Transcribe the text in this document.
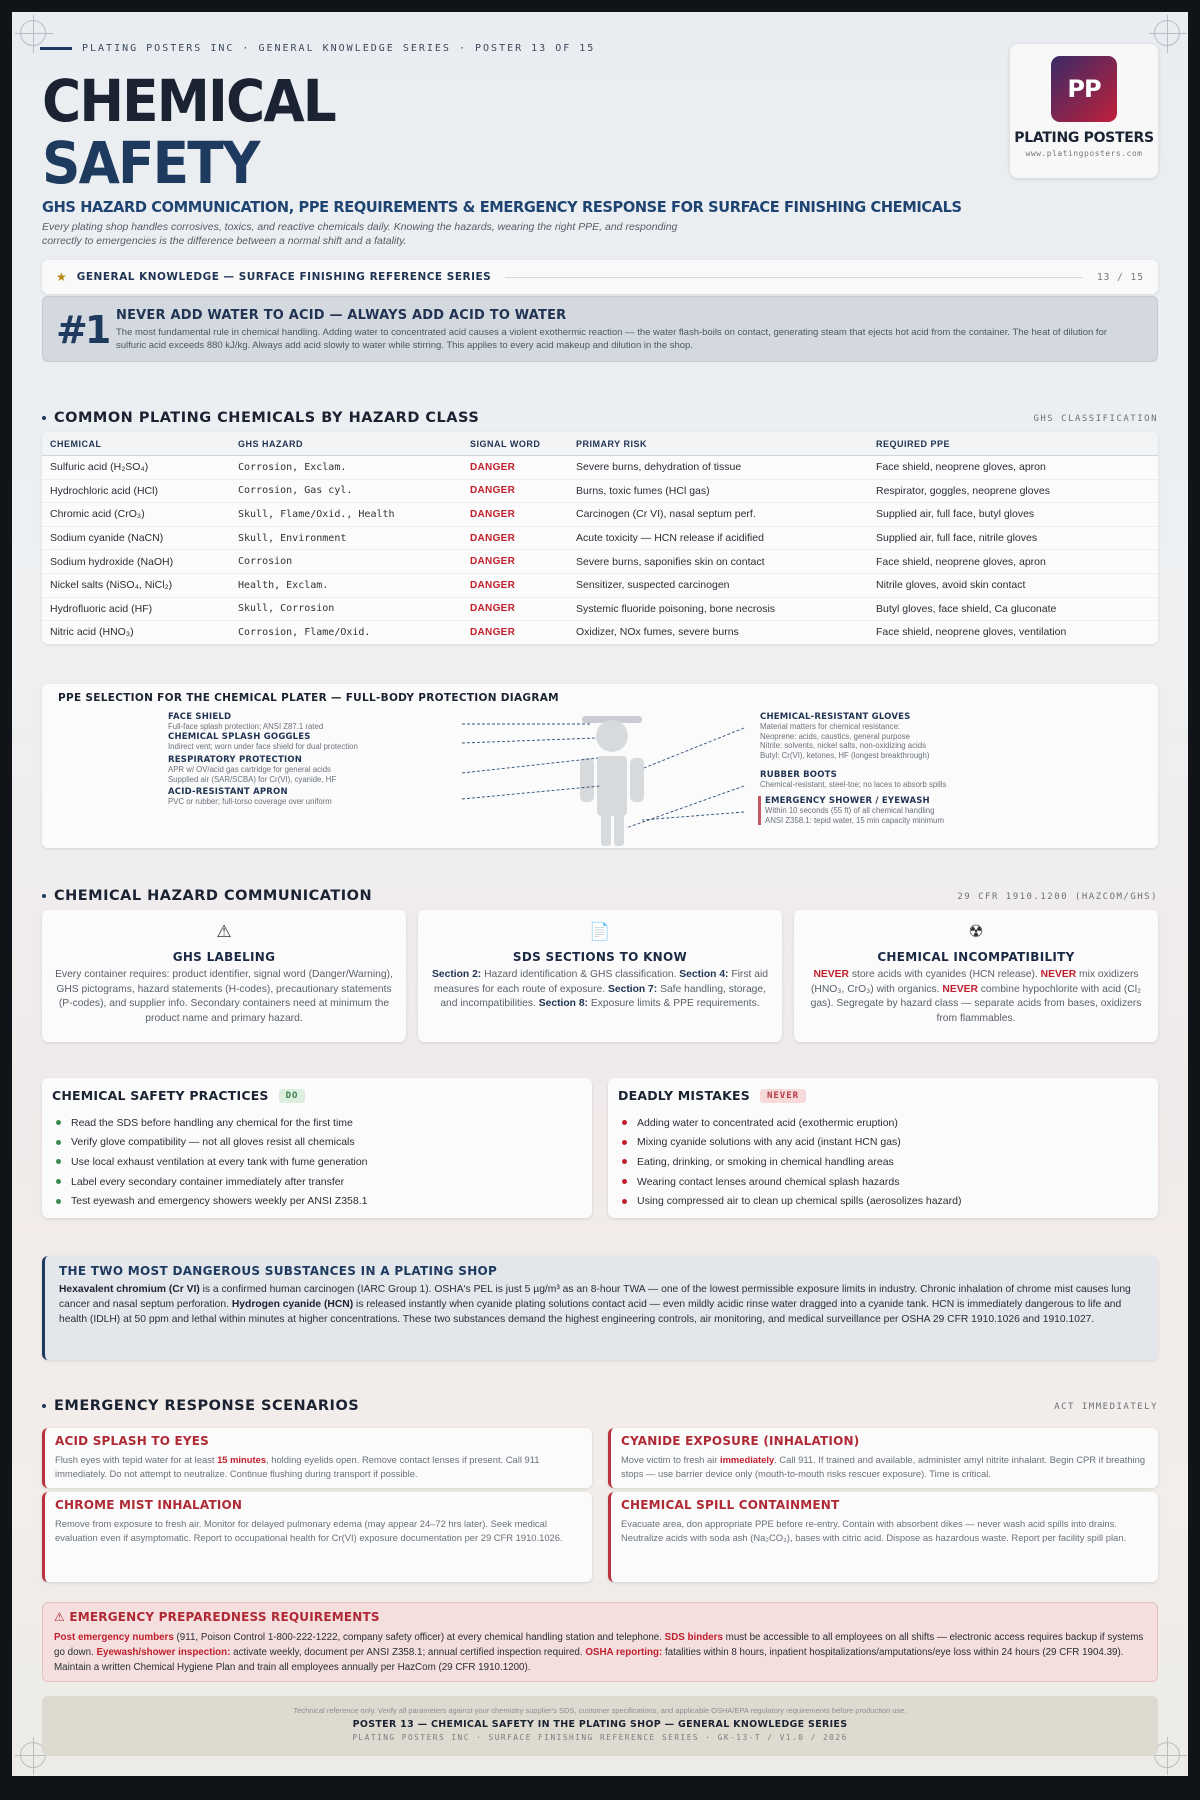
PLATING POSTERS INC · GENERAL KNOWLEDGE SERIES · POSTER 13 OF 15
CHEMICAL
SAFETY
GHS HAZARD COMMUNICATION, PPE REQUIREMENTS & EMERGENCY RESPONSE FOR SURFACE FINISHING CHEMICALS
Every plating shop handles corrosives, toxics, and reactive chemicals daily. Knowing the hazards, wearing the right PPE, and responding correctly to emergencies is the difference between a normal shift and a fatality.
PP
PLATING POSTERS
www.platingposters.com
★ GENERAL KNOWLEDGE — SURFACE FINISHING REFERENCE SERIES	13 / 15
#1 NEVER ADD WATER TO ACID — ALWAYS ADD ACID TO WATER
The most fundamental rule in chemical handling. Adding water to concentrated acid causes a violent exothermic reaction — the water flash-boils on contact, generating steam that ejects hot acid from the container. The heat of dilution for sulfuric acid exceeds 880 kJ/kg. Always add acid slowly to water while stirring. This applies to every acid makeup and dilution in the shop.
COMMON PLATING CHEMICALS BY HAZARD CLASS	GHS CLASSIFICATION
CHEMICAL	GHS HAZARD	SIGNAL WORD	PRIMARY RISK	REQUIRED PPE
Sulfuric acid (H₂SO₄)	Corrosion, Exclam.	DANGER	Severe burns, dehydration of tissue	Face shield, neoprene gloves, apron
Hydrochloric acid (HCl)	Corrosion, Gas cyl.	DANGER	Burns, toxic fumes (HCl gas)	Respirator, goggles, neoprene gloves
Chromic acid (CrO₃)	Skull, Flame/Oxid., Health	DANGER	Carcinogen (Cr VI), nasal septum perf.	Supplied air, full face, butyl gloves
Sodium cyanide (NaCN)	Skull, Environment	DANGER	Acute toxicity — HCN release if acidified	Supplied air, full face, nitrile gloves
Sodium hydroxide (NaOH)	Corrosion	DANGER	Severe burns, saponifies skin on contact	Face shield, neoprene gloves, apron
Nickel salts (NiSO₄, NiCl₂)	Health, Exclam.	DANGER	Sensitizer, suspected carcinogen	Nitrile gloves, avoid skin contact
Hydrofluoric acid (HF)	Skull, Corrosion	DANGER	Systemic fluoride poisoning, bone necrosis	Butyl gloves, face shield, Ca gluconate
Nitric acid (HNO₃)	Corrosion, Flame/Oxid.	DANGER	Oxidizer, NOx fumes, severe burns	Face shield, neoprene gloves, ventilation
PPE SELECTION FOR THE CHEMICAL PLATER — FULL-BODY PROTECTION DIAGRAM
FACE SHIELD
Full-face splash protection; ANSI Z87.1 rated
CHEMICAL SPLASH GOGGLES
Indirect vent; worn under face shield for dual protection
RESPIRATORY PROTECTION
APR w/ OV/acid gas cartridge for general acids
Supplied air (SAR/SCBA) for Cr(VI), cyanide, HF
ACID-RESISTANT APRON
PVC or rubber; full-torso coverage over uniform
CHEMICAL-RESISTANT GLOVES
Material matters for chemical resistance:
Neoprene: acids, caustics, general purpose
Nitrile: solvents, nickel salts, non-oxidizing acids
Butyl: Cr(VI), ketones, HF (longest breakthrough)
RUBBER BOOTS
Chemical-resistant, steel-toe; no laces to absorb spills
EMERGENCY SHOWER / EYEWASH
Within 10 seconds (55 ft) of all chemical handling
ANSI Z358.1: tepid water, 15 min capacity minimum
CHEMICAL HAZARD COMMUNICATION	29 CFR 1910.1200 (HAZCOM/GHS)
⚠
GHS LABELING
Every container requires: product identifier, signal word (Danger/Warning), GHS pictograms, hazard statements (H-codes), precautionary statements (P-codes), and supplier info. Secondary containers need at minimum the product name and primary hazard.
📄
SDS SECTIONS TO KNOW
Section 2: Hazard identification & GHS classification. Section 4: First aid measures for each route of exposure. Section 7: Safe handling, storage, and incompatibilities. Section 8: Exposure limits & PPE requirements.
☢
CHEMICAL INCOMPATIBILITY
NEVER store acids with cyanides (HCN release). NEVER mix oxidizers (HNO₃, CrO₃) with organics. NEVER combine hypochlorite with acid (Cl₂ gas). Segregate by hazard class — separate acids from bases, oxidizers from flammables.
CHEMICAL SAFETY PRACTICES	DO
Read the SDS before handling any chemical for the first time
Verify glove compatibility — not all gloves resist all chemicals
Use local exhaust ventilation at every tank with fume generation
Label every secondary container immediately after transfer
Test eyewash and emergency showers weekly per ANSI Z358.1
DEADLY MISTAKES	NEVER
Adding water to concentrated acid (exothermic eruption)
Mixing cyanide solutions with any acid (instant HCN gas)
Eating, drinking, or smoking in chemical handling areas
Wearing contact lenses around chemical splash hazards
Using compressed air to clean up chemical spills (aerosolizes hazard)
THE TWO MOST DANGEROUS SUBSTANCES IN A PLATING SHOP
Hexavalent chromium (Cr VI) is a confirmed human carcinogen (IARC Group 1). OSHA's PEL is just 5 µg/m³ as an 8-hour TWA — one of the lowest permissible exposure limits in industry. Chronic inhalation of chrome mist causes lung cancer and nasal septum perforation. Hydrogen cyanide (HCN) is released instantly when cyanide plating solutions contact acid — even mildly acidic rinse water dragged into a cyanide tank. HCN is immediately dangerous to life and health (IDLH) at 50 ppm and lethal within minutes at higher concentrations. These two substances demand the highest engineering controls, air monitoring, and medical surveillance per OSHA 29 CFR 1910.1026 and 1910.1027.
EMERGENCY RESPONSE SCENARIOS	ACT IMMEDIATELY
ACID SPLASH TO EYES
Flush eyes with tepid water for at least 15 minutes, holding eyelids open. Remove contact lenses if present. Call 911 immediately. Do not attempt to neutralize. Continue flushing during transport if possible.
CYANIDE EXPOSURE (INHALATION)
Move victim to fresh air immediately. Call 911. If trained and available, administer amyl nitrite inhalant. Begin CPR if breathing stops — use barrier device only (mouth-to-mouth risks rescuer exposure). Time is critical.
CHROME MIST INHALATION
Remove from exposure to fresh air. Monitor for delayed pulmonary edema (may appear 24–72 hrs later). Seek medical evaluation even if asymptomatic. Report to occupational health for Cr(VI) exposure documentation per 29 CFR 1910.1026.
CHEMICAL SPILL CONTAINMENT
Evacuate area, don appropriate PPE before re-entry. Contain with absorbent dikes — never wash acid spills into drains. Neutralize acids with soda ash (Na₂CO₃), bases with citric acid. Dispose as hazardous waste. Report per facility spill plan.
⚠ EMERGENCY PREPAREDNESS REQUIREMENTS
Post emergency numbers (911, Poison Control 1-800-222-1222, company safety officer) at every chemical handling station and telephone. SDS binders must be accessible to all employees on all shifts — electronic access requires backup if systems go down. Eyewash/shower inspection: activate weekly, document per ANSI Z358.1; annual certified inspection required. OSHA reporting: fatalities within 8 hours, inpatient hospitalizations/amputations/eye loss within 24 hours (29 CFR 1904.39). Maintain a written Chemical Hygiene Plan and train all employees annually per HazCom (29 CFR 1910.1200).
Technical reference only. Verify all parameters against your chemistry supplier's SDS, customer specifications, and applicable OSHA/EPA regulatory requirements before production use.
POSTER 13 — CHEMICAL SAFETY IN THE PLATING SHOP — GENERAL KNOWLEDGE SERIES
PLATING POSTERS INC · SURFACE FINISHING REFERENCE SERIES · GK-13-T / V1.0 / 2026
